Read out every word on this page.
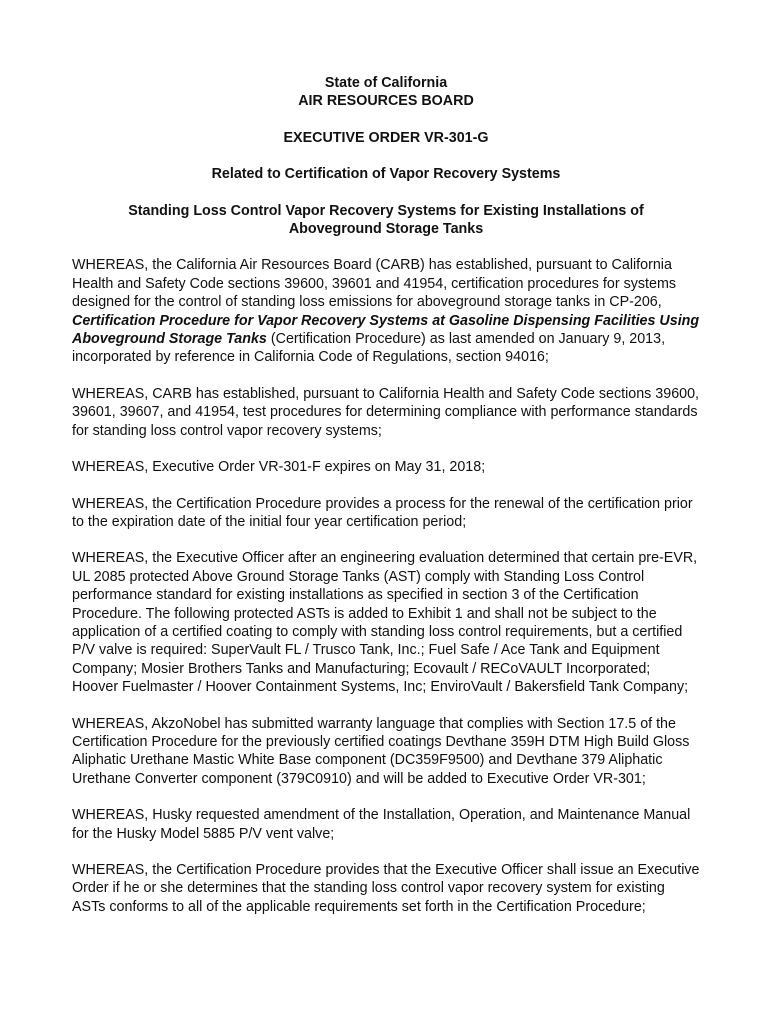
State of California
AIR RESOURCES BOARD
EXECUTIVE ORDER VR-301-G
Related to Certification of Vapor Recovery Systems
Standing Loss Control Vapor Recovery Systems for Existing Installations of Aboveground Storage Tanks

WHEREAS, the California Air Resources Board (CARB) has established, pursuant to California Health and Safety Code sections 39600, 39601 and 41954, certification procedures for systems designed for the control of standing loss emissions for aboveground storage tanks in CP-206, Certification Procedure for Vapor Recovery Systems at Gasoline Dispensing Facilities Using Aboveground Storage Tanks (Certification Procedure) as last amended on January 9, 2013, incorporated by reference in California Code of Regulations, section 94016;

WHEREAS, CARB has established, pursuant to California Health and Safety Code sections 39600, 39601, 39607, and 41954, test procedures for determining compliance with performance standards for standing loss control vapor recovery systems;

WHEREAS, Executive Order VR-301-F expires on May 31, 2018;

WHEREAS, the Certification Procedure provides a process for the renewal of the certification prior to the expiration date of the initial four year certification period;

WHEREAS, the Executive Officer after an engineering evaluation determined that certain pre-EVR, UL 2085 protected Above Ground Storage Tanks (AST) comply with Standing Loss Control performance standard for existing installations as specified in section 3 of the Certification Procedure. The following protected ASTs is added to Exhibit 1 and shall not be subject to the application of a certified coating to comply with standing loss control requirements, but a certified P/V valve is required: SuperVault FL / Trusco Tank, Inc.; Fuel Safe / Ace Tank and Equipment Company; Mosier Brothers Tanks and Manufacturing; Ecovault / RECoVAULT Incorporated; Hoover Fuelmaster / Hoover Containment Systems, Inc; EnviroVault / Bakersfield Tank Company;

WHEREAS, AkzoNobel has submitted warranty language that complies with Section 17.5 of the Certification Procedure for the previously certified coatings Devthane 359H DTM High Build Gloss Aliphatic Urethane Mastic White Base component (DC359F9500) and Devthane 379 Aliphatic Urethane Converter component (379C0910) and will be added to Executive Order VR-301;

WHEREAS, Husky requested amendment of the Installation, Operation, and Maintenance Manual for the Husky Model 5885 P/V vent valve;

WHEREAS, the Certification Procedure provides that the Executive Officer shall issue an Executive Order if he or she determines that the standing loss control vapor recovery system for existing ASTs conforms to all of the applicable requirements set forth in the Certification Procedure;
